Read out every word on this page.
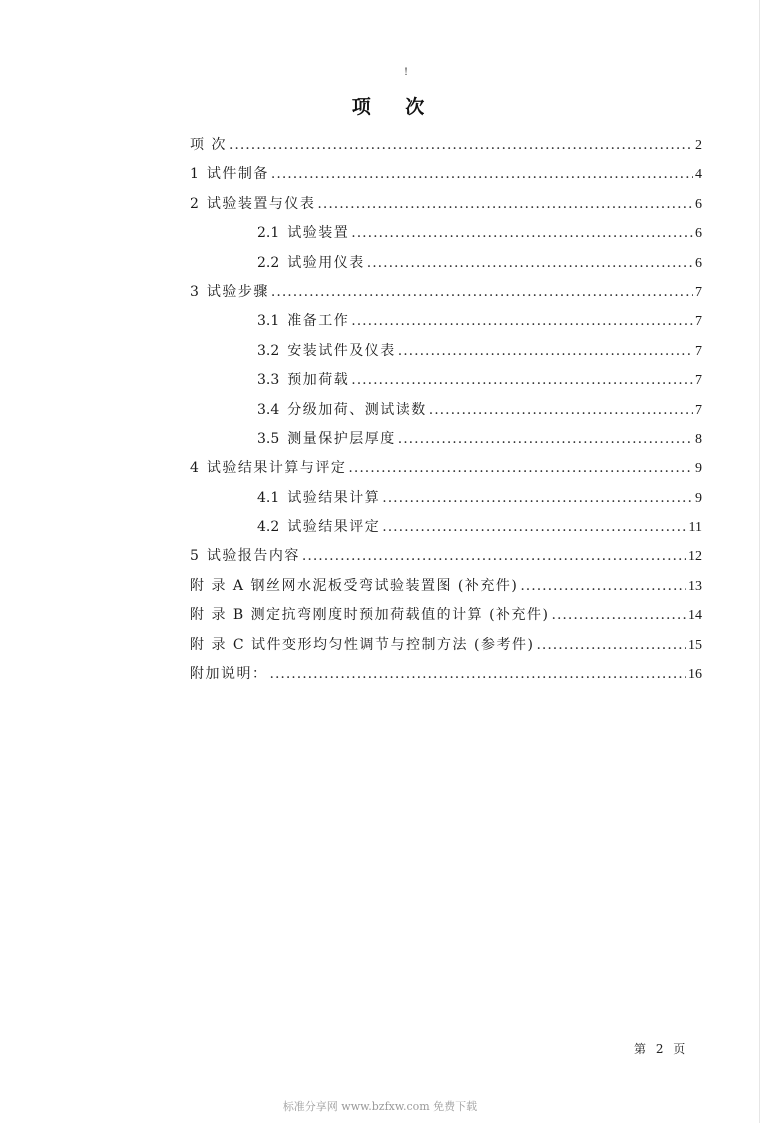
!
项 次
项 次 .....	2
1 试件制备 .....	4
2 试验装置与仪表 .....	6
2.1 试验装置 .....	6
2.2 试验用仪表 .....	6
3 试验步骤 .....	7
3.1 准备工作 .....	7
3.2 安装试件及仪表 .....	7
3.3 预加荷载 .....	7
3.4 分级加荷、测试读数 .....	7
3.5 测量保护层厚度 .....	8
4 试验结果计算与评定 .....	9
4.1 试验结果计算 .....	9
4.2 试验结果评定 .....	11
5 试验报告内容 .....	12
附 录 A 钢丝网水泥板受弯试验装置图 (补充件) .....	13
附 录 B 测定抗弯刚度时预加荷载值的计算 (补充件) .....	14
附 录 C 试件变形均匀性调节与控制方法 (参考件) .....	15
附加说明： .....	16
第 2 页
标准分享网 www.bzfxw.com 免费下载
